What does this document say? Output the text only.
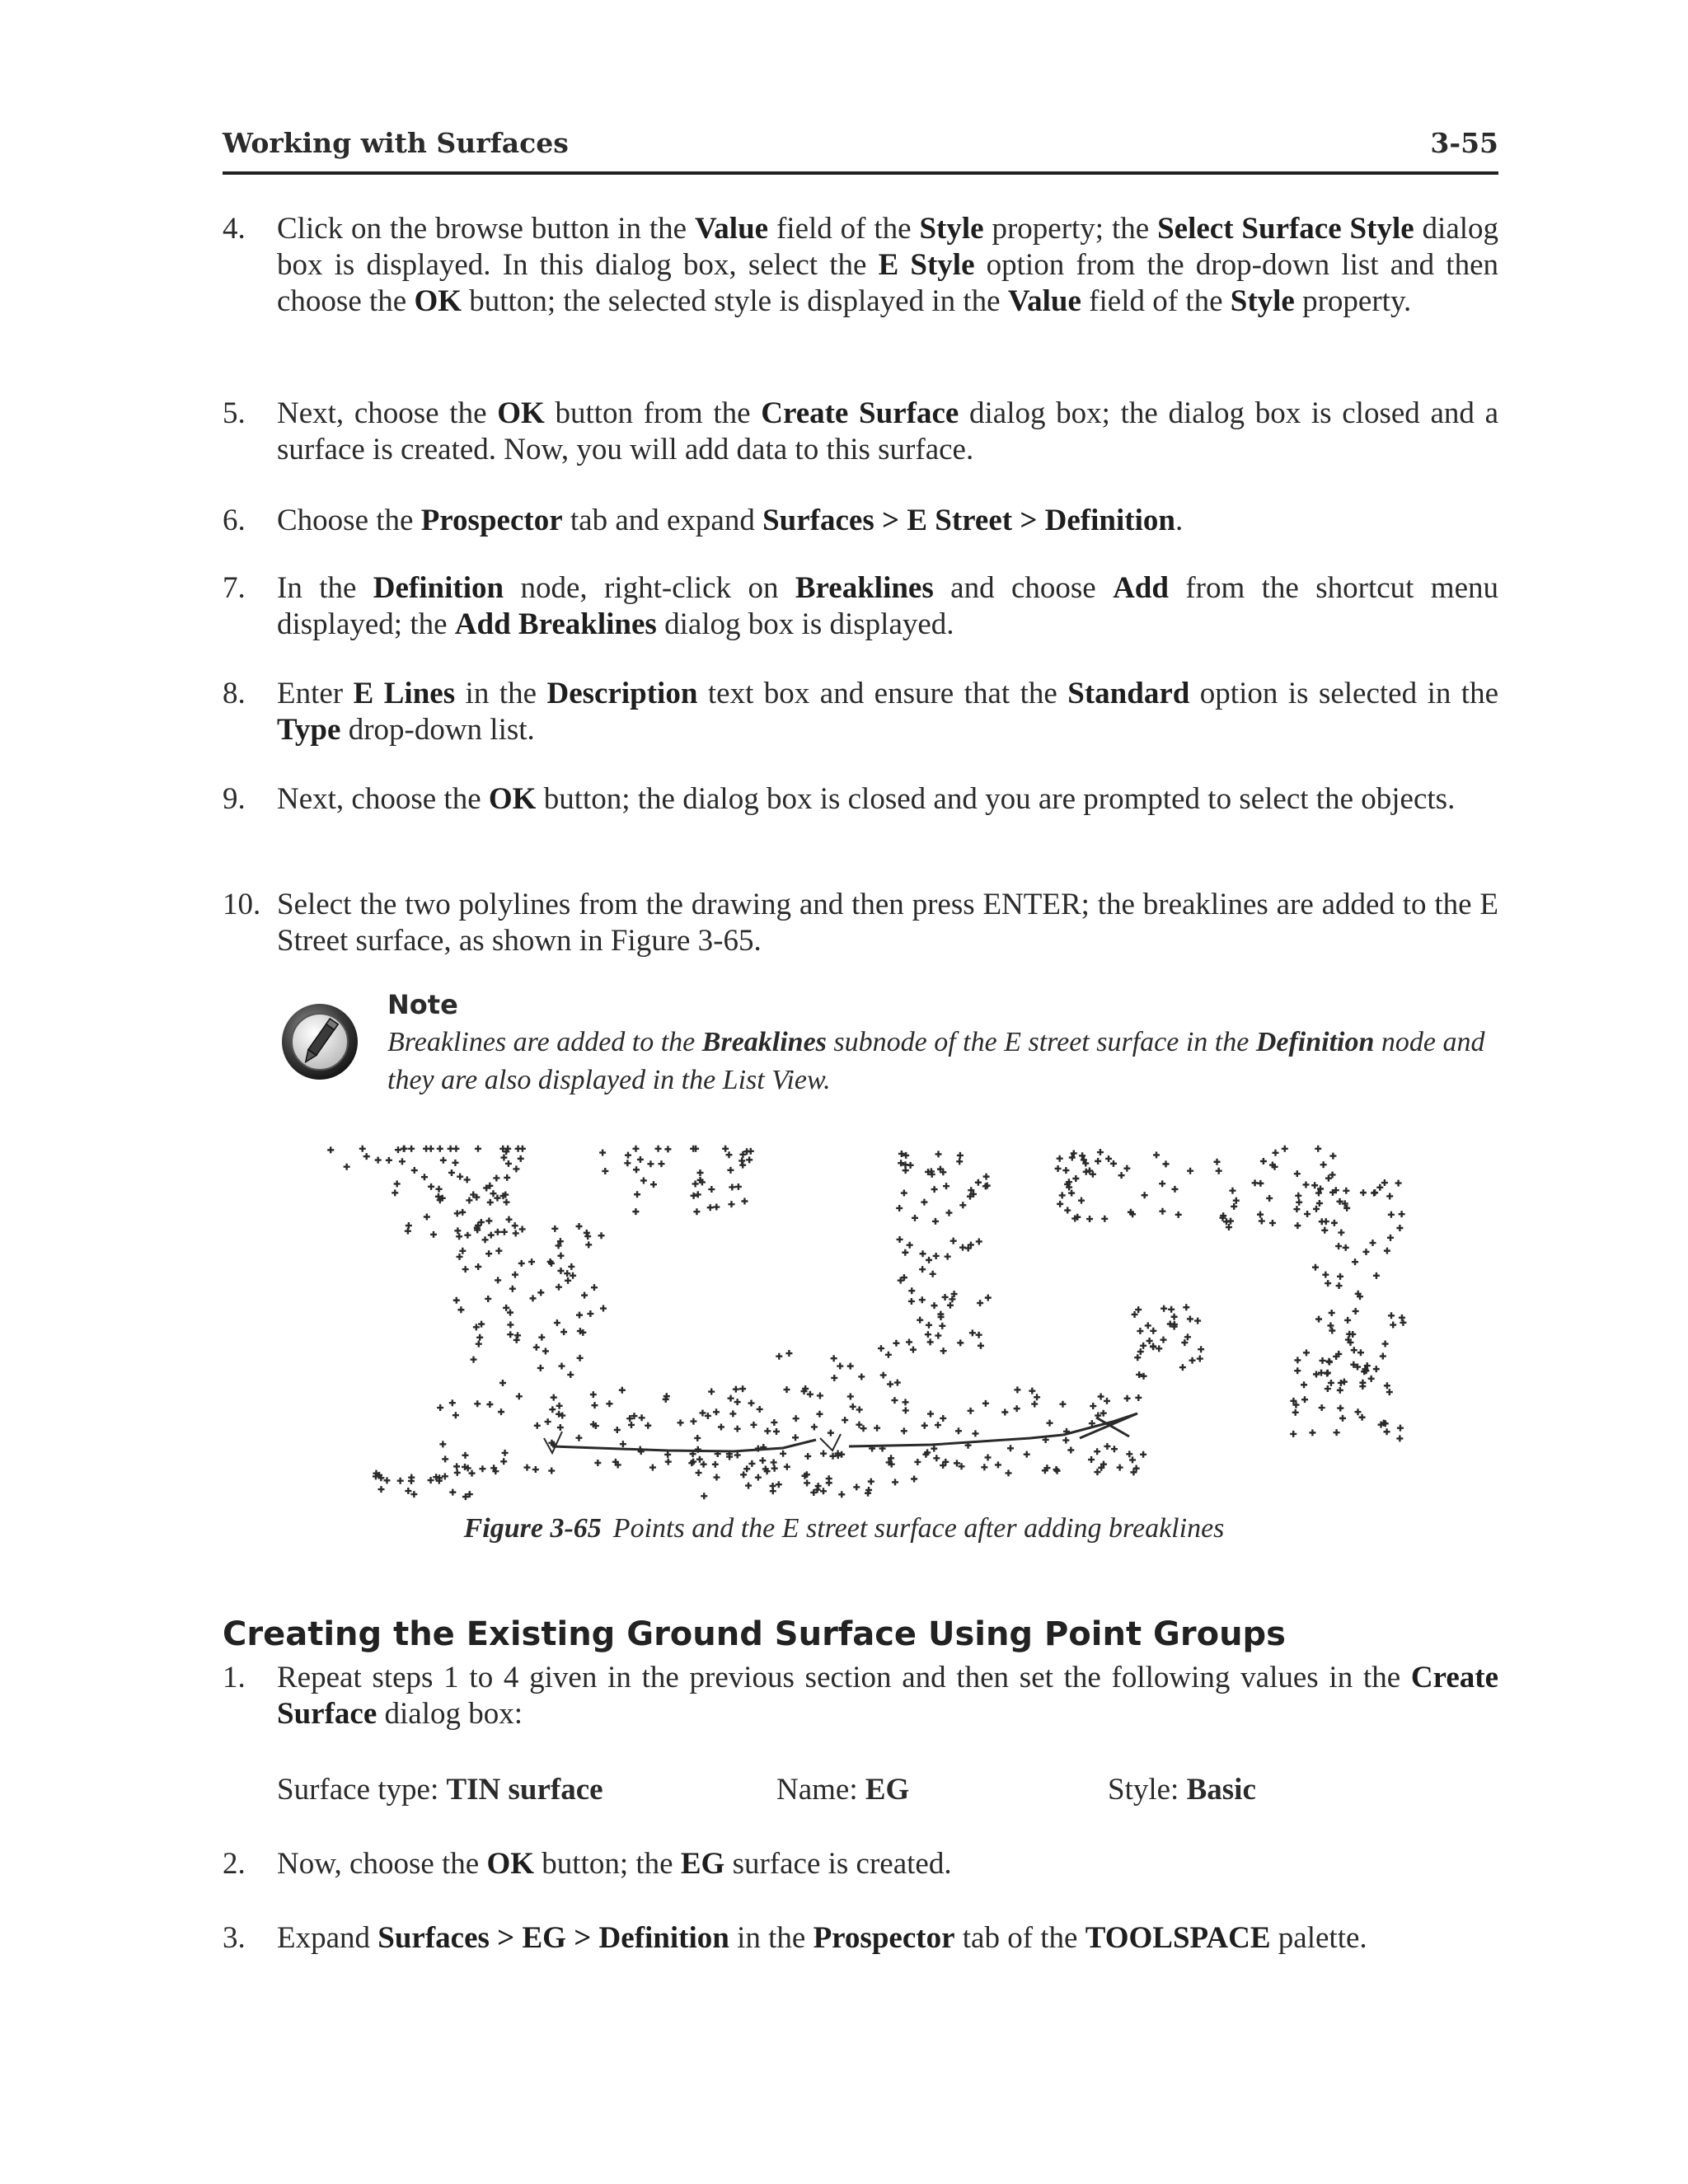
Working with Surfaces	3-55
4.	Click on the browse button in the Value field of the Style property; the Select Surface Style dialog box is displayed. In this dialog box, select the E Style option from the drop-down list and then choose the OK button; the selected style is displayed in the Value field of the Style property.
5.	Next, choose the OK button from the Create Surface dialog box; the dialog box is closed and a surface is created. Now, you will add data to this surface.
6.	Choose the Prospector tab and expand Surfaces > E Street > Definition.
7.	In the Definition node, right-click on Breaklines and choose Add from the shortcut menu displayed; the Add Breaklines dialog box is displayed.
8.	Enter E Lines in the Description text box and ensure that the Standard option is selected in the Type drop-down list.
9.	Next, choose the OK button; the dialog box is closed and you are prompted to select the objects.
10. Select the two polylines from the drawing and then press ENTER; the breaklines are added to the E Street surface, as shown in Figure 3-65.
Note
Breaklines are added to the Breaklines subnode of the E street surface in the Definition node and they are also displayed in the List View.
Figure 3-65 Points and the E street surface after adding breaklines
Creating the Existing Ground Surface Using Point Groups
1.	Repeat steps 1 to 4 given in the previous section and then set the following values in the Create Surface dialog box:
Surface type: TIN surface	Name: EG	Style: Basic
2.	Now, choose the OK button; the EG surface is created.
3.	Expand Surfaces > EG > Definition in the Prospector tab of the TOOLSPACE palette.
